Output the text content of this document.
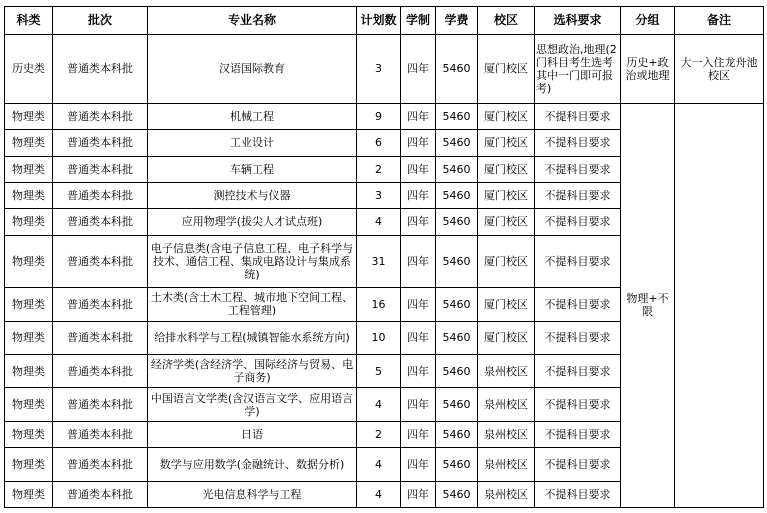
科类	批次	专业名称	计划数	学制	学费	校区	选科要求	分组	备注
历史类	普通类本科批	汉语国际教育	3	四年	5460	厦门校区	思想政治,地理(2门科目考生选考其中一门即可报考)	历史+政治或地理	大一入住龙舟池校区
物理类	普通类本科批	机械工程	9	四年	5460	厦门校区	不提科目要求	物理+不限	
物理类	普通类本科批	工业设计	6	四年	5460	厦门校区	不提科目要求		
物理类	普通类本科批	车辆工程	2	四年	5460	厦门校区	不提科目要求		
物理类	普通类本科批	测控技术与仪器	3	四年	5460	厦门校区	不提科目要求		
物理类	普通类本科批	应用物理学(拔尖人才试点班)	4	四年	5460	厦门校区	不提科目要求		
物理类	普通类本科批	电子信息类(含电子信息工程、电子科学与技术、通信工程、集成电路设计与集成系统)	31	四年	5460	厦门校区	不提科目要求		
物理类	普通类本科批	土木类(含土木工程、城市地下空间工程、工程管理)	16	四年	5460	厦门校区	不提科目要求		
物理类	普通类本科批	给排水科学与工程(城镇智能水系统方向)	10	四年	5460	厦门校区	不提科目要求		
物理类	普通类本科批	经济学类(含经济学、国际经济与贸易、电子商务)	5	四年	5460	泉州校区	不提科目要求		
物理类	普通类本科批	中国语言文学类(含汉语言文学、应用语言学)	4	四年	5460	泉州校区	不提科目要求		
物理类	普通类本科批	日语	2	四年	5460	泉州校区	不提科目要求		
物理类	普通类本科批	数学与应用数学(金融统计、数据分析)	4	四年	5460	泉州校区	不提科目要求		
物理类	普通类本科批	光电信息科学与工程	4	四年	5460	泉州校区	不提科目要求		
